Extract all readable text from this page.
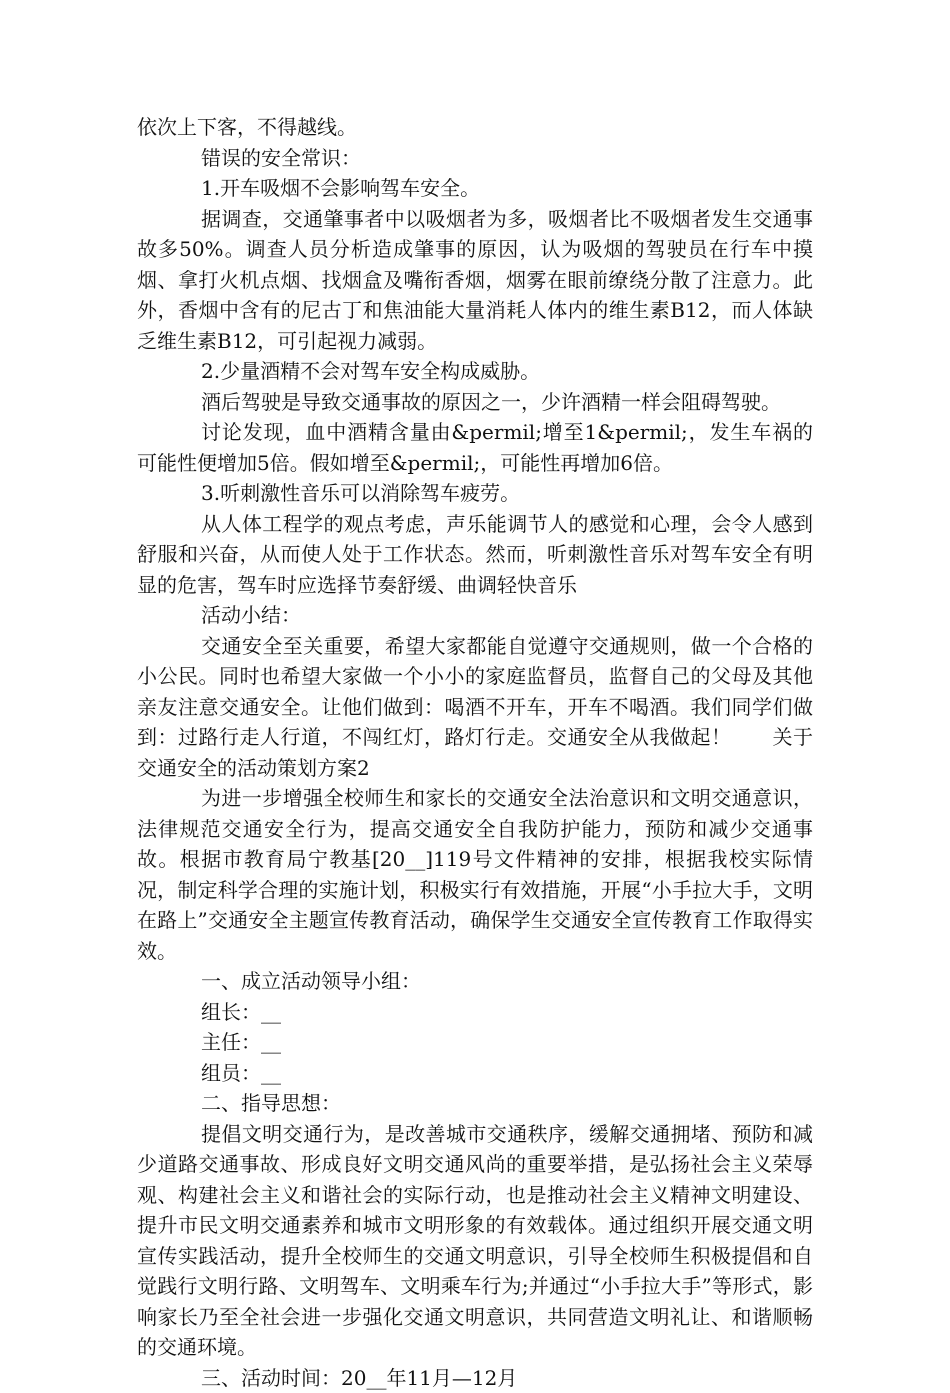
依次上下客，不得越线。

错误的安全常识：

1.开车吸烟不会影响驾车安全。

据调查，交通肇事者中以吸烟者为多，吸烟者比不吸烟者发生交通事故多50%。调查人员分析造成肇事的原因，认为吸烟的驾驶员在行车中摸烟、拿打火机点烟、找烟盒及嘴衔香烟，烟雾在眼前缭绕分散了注意力。此外，香烟中含有的尼古丁和焦油能大量消耗人体内的维生素B12，而人体缺乏维生素B12，可引起视力减弱。

2.少量酒精不会对驾车安全构成威胁。

酒后驾驶是导致交通事故的原因之一，少许酒精一样会阻碍驾驶。

讨论发现，血中酒精含量由&permil;增至1&permil;，发生车祸的可能性便增加5倍。假如增至&permil;，可能性再增加6倍。

3.听刺激性音乐可以消除驾车疲劳。

从人体工程学的观点考虑，声乐能调节人的感觉和心理，会令人感到舒服和兴奋，从而使人处于工作状态。然而，听刺激性音乐对驾车安全有明显的危害，驾车时应选择节奏舒缓、曲调轻快音乐

活动小结：

交通安全至关重要，希望大家都能自觉遵守交通规则，做一个合格的小公民。同时也希望大家做一个小小的家庭监督员，监督自己的父母及其他亲友注意交通安全。让他们做到：喝酒不开车，开车不喝酒。我们同学们做到：过路行走人行道，不闯红灯，路灯行走。交通安全从我做起！　　关于交通安全的活动策划方案2

为进一步增强全校师生和家长的交通安全法治意识和文明交通意识，法律规范交通安全行为，提高交通安全自我防护能力，预防和减少交通事故。根据市教育局宁教基[20__]119号文件精神的安排，根据我校实际情况，制定科学合理的实施计划，积极实行有效措施，开展“小手拉大手，文明在路上”交通安全主题宣传教育活动，确保学生交通安全宣传教育工作取得实效。

一、成立活动领导小组：

组长：__

主任：__

组员：__

二、指导思想：

提倡文明交通行为，是改善城市交通秩序，缓解交通拥堵、预防和减少道路交通事故、形成良好文明交通风尚的重要举措，是弘扬社会主义荣辱观、构建社会主义和谐社会的实际行动，也是推动社会主义精神文明建设、提升市民文明交通素养和城市文明形象的有效载体。通过组织开展交通文明宣传实践活动，提升全校师生的交通文明意识，引导全校师生积极提倡和自觉践行文明行路、文明驾车、文明乘车行为;并通过“小手拉大手”等形式，影响家长乃至全社会进一步强化交通文明意识，共同营造文明礼让、和谐顺畅的交通环境。

三、活动时间：20__年11月—12月
